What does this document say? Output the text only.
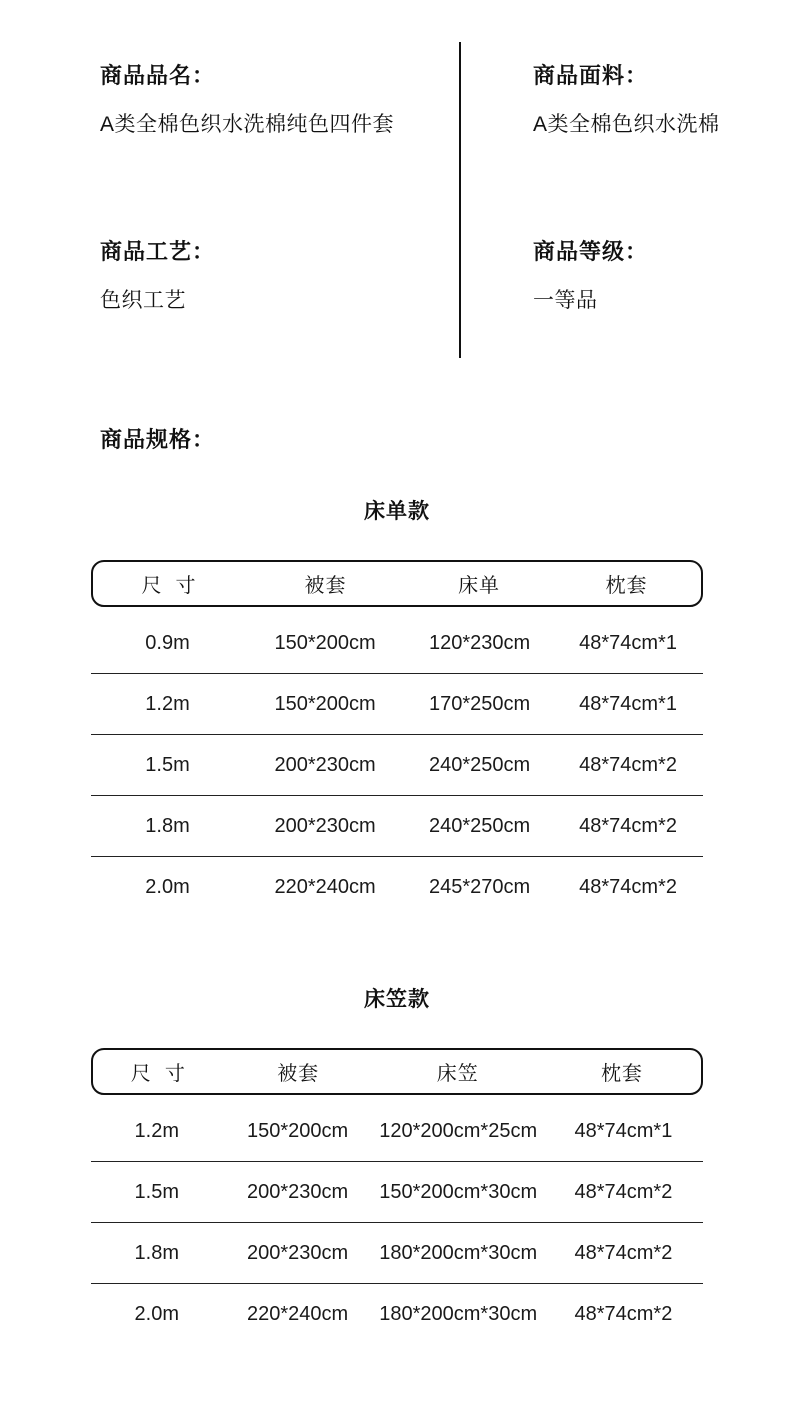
商品品名：
A类全棉色织水洗棉纯色四件套
商品面料：
A类全棉色织水洗棉
商品工艺：
色织工艺
商品等级：
一等品
商品规格：
床单款
尺  寸	被套	床单	枕套
0.9m	150*200cm	120*230cm	48*74cm*1
1.2m	150*200cm	170*250cm	48*74cm*1
1.5m	200*230cm	240*250cm	48*74cm*2
1.8m	200*230cm	240*250cm	48*74cm*2
2.0m	220*240cm	245*270cm	48*74cm*2
床笠款
尺  寸	被套	床笠	枕套
1.2m	150*200cm	120*200cm*25cm	48*74cm*1
1.5m	200*230cm	150*200cm*30cm	48*74cm*2
1.8m	200*230cm	180*200cm*30cm	48*74cm*2
2.0m	220*240cm	180*200cm*30cm	48*74cm*2
